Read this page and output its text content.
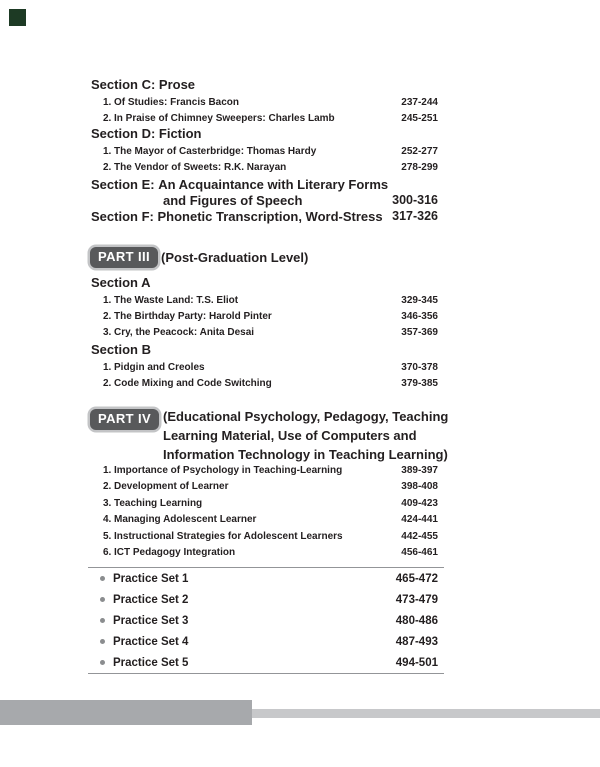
Section C: Prose
1. Of Studies: Francis Bacon	237-244
2. In Praise of Chimney Sweepers: Charles Lamb	245-251
Section D: Fiction
1. The Mayor of Casterbridge: Thomas Hardy	252-277
2. The Vendor of Sweets: R.K. Narayan	278-299
Section E: An Acquaintance with Literary Forms
and Figures of Speech	300-316
Section F: Phonetic Transcription, Word-Stress 317-326
PART III (Post-Graduation Level)
Section A
1. The Waste Land: T.S. Eliot	329-345
2. The Birthday Party: Harold Pinter	346-356
3. Cry, the Peacock: Anita Desai	357-369
Section B
1. Pidgin and Creoles	370-378
2. Code Mixing and Code Switching	379-385
PART IV (Educational Psychology, Pedagogy, Teaching
Learning Material, Use of Computers and
Information Technology in Teaching Learning)
1. Importance of Psychology in Teaching-Learning	389-397
2. Development of Learner	398-408
3. Teaching Learning	409-423
4. Managing Adolescent Learner	424-441
5. Instructional Strategies for Adolescent Learners	442-455
6. ICT Pedagogy Integration	456-461
Practice Set 1	465-472
Practice Set 2	473-479
Practice Set 3	480-486
Practice Set 4	487-493
Practice Set 5	494-501
